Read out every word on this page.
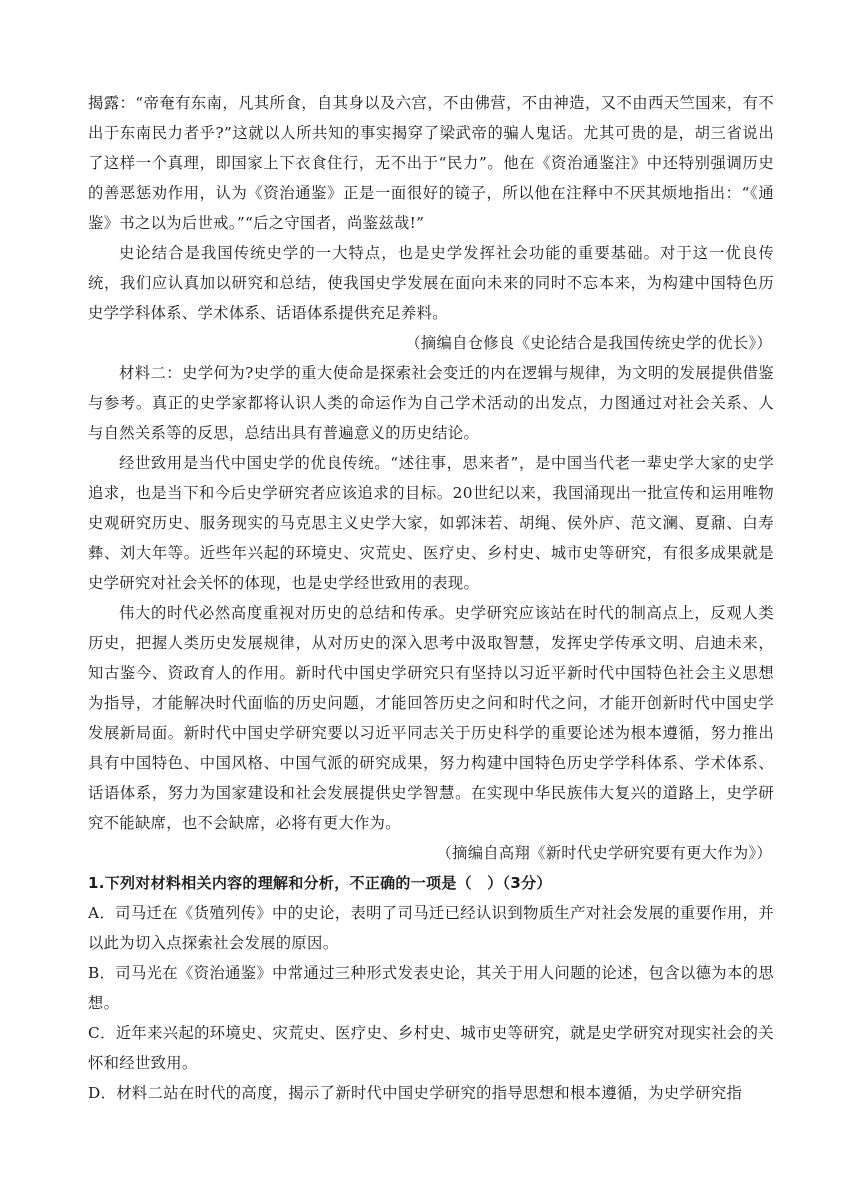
揭露：“帝奄有东南，凡其所食，自其身以及六宫，不由佛营，不由神造，又不由西天竺国来，有不出于东南民力者乎?”这就以人所共知的事实揭穿了梁武帝的骗人鬼话。尤其可贵的是，胡三省说出了这样一个真理，即国家上下衣食住行，无不出于“民力”。他在《资治通鉴注》中还特别强调历史的善恶惩劝作用，认为《资治通鉴》正是一面很好的镜子，所以他在注释中不厌其烦地指出：“《通鉴》书之以为后世戒。”“后之守国者，尚鉴兹哉!”

史论结合是我国传统史学的一大特点，也是史学发挥社会功能的重要基础。对于这一优良传统，我们应认真加以研究和总结，使我国史学发展在面向未来的同时不忘本来，为构建中国特色历史学学科体系、学术体系、话语体系提供充足养料。

（摘编自仓修良《史论结合是我国传统史学的优长》）

材料二：史学何为?史学的重大使命是探索社会变迁的内在逻辑与规律，为文明的发展提供借鉴与参考。真正的史学家都将认识人类的命运作为自己学术活动的出发点，力图通过对社会关系、人与自然关系等的反思，总结出具有普遍意义的历史结论。

经世致用是当代中国史学的优良传统。“述往事，思来者”，是中国当代老一辈史学大家的史学追求，也是当下和今后史学研究者应该追求的目标。20世纪以来，我国涌现出一批宣传和运用唯物史观研究历史、服务现实的马克思主义史学大家，如郭沫若、胡绳、侯外庐、范文澜、夏鼐、白寿彝、刘大年等。近些年兴起的环境史、灾荒史、医疗史、乡村史、城市史等研究，有很多成果就是史学研究对社会关怀的体现，也是史学经世致用的表现。

伟大的时代必然高度重视对历史的总结和传承。史学研究应该站在时代的制高点上，反观人类历史，把握人类历史发展规律，从对历史的深入思考中汲取智慧，发挥史学传承文明、启迪未来，知古鉴今、资政育人的作用。新时代中国史学研究只有坚持以习近平新时代中国特色社会主义思想为指导，才能解决时代面临的历史问题，才能回答历史之问和时代之问，才能开创新时代中国史学发展新局面。新时代中国史学研究要以习近平同志关于历史科学的重要论述为根本遵循，努力推出具有中国特色、中国风格、中国气派的研究成果，努力构建中国特色历史学学科体系、学术体系、话语体系，努力为国家建设和社会发展提供史学智慧。在实现中华民族伟大复兴的道路上，史学研究不能缺席，也不会缺席，必将有更大作为。

（摘编自高翔《新时代史学研究要有更大作为》）

1.下列对材料相关内容的理解和分析，不正确的一项是（　）（3分）

A．司马迁在《货殖列传》中的史论，表明了司马迁已经认识到物质生产对社会发展的重要作用，并以此为切入点探索社会发展的原因。

B．司马光在《资治通鉴》中常通过三种形式发表史论，其关于用人问题的论述，包含以德为本的思想。

C．近年来兴起的环境史、灾荒史、医疗史、乡村史、城市史等研究，就是史学研究对现实社会的关怀和经世致用。

D．材料二站在时代的高度，揭示了新时代中国史学研究的指导思想和根本遵循，为史学研究指
